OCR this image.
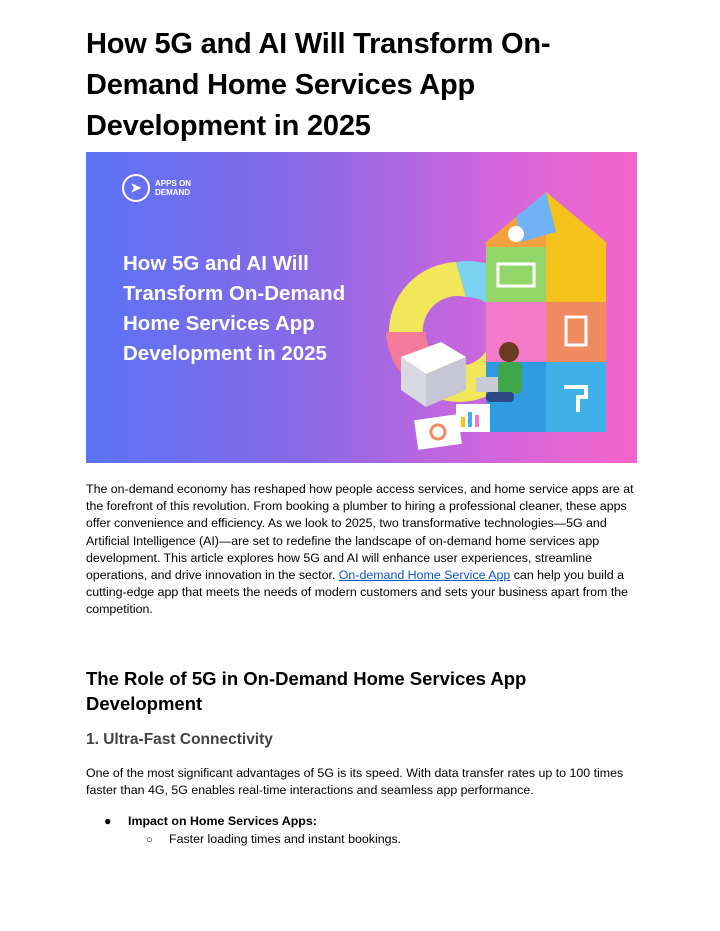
How 5G and AI Will Transform On-Demand Home Services App Development in 2025
➤	APPS ON DEMAND
How 5G and AI Will Transform On-Demand Home Services App Development in 2025

The on-demand economy has reshaped how people access services, and home service apps are at the forefront of this revolution. From booking a plumber to hiring a professional cleaner, these apps offer convenience and efficiency. As we look to 2025, two transformative technologies—5G and Artificial Intelligence (AI)—are set to redefine the landscape of on-demand home services app development. This article explores how 5G and AI will enhance user experiences, streamline operations, and drive innovation in the sector. On-demand Home Service App can help you build a cutting-edge app that meets the needs of modern customers and sets your business apart from the competition.

The Role of 5G in On-Demand Home Services App Development
1. Ultra-Fast Connectivity

One of the most significant advantages of 5G is its speed. With data transfer rates up to 100 times faster than 4G, 5G enables real-time interactions and seamless app performance.

● Impact on Home Services Apps:
○ Faster loading times and instant bookings.
